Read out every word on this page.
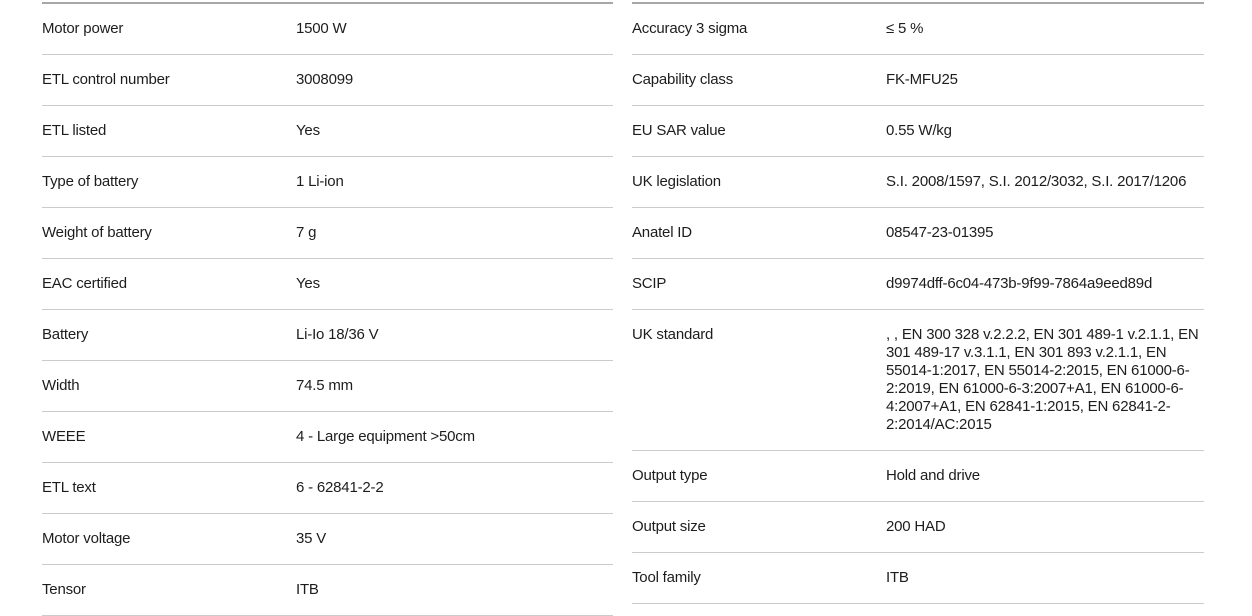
Motor power	1500 W
ETL control number	3008099
ETL listed	Yes
Type of battery	1 Li-ion
Weight of battery	7 g
EAC certified	Yes
Battery	Li-Io 18/36 V
Width	74.5 mm
WEEE	4 - Large equipment >50cm
ETL text	6 - 62841-2-2
Motor voltage	35 V
Tensor	ITB
Accuracy 3 sigma	≤ 5 %
Capability class	FK-MFU25
EU SAR value	0.55 W/kg
UK legislation	S.I. 2008/1597, S.I. 2012/3032, S.I. 2017/1206
Anatel ID	08547-23-01395
SCIP	d9974dff-6c04-473b-9f99-7864a9eed89d
UK standard	, , EN 300 328 v.2.2.2, EN 301 489-1 v.2.1.1, EN 301 489-17 v.3.1.1, EN 301 893 v.2.1.1, EN 55014-1:2017, EN 55014-2:2015, EN 61000-6-2:2019, EN 61000-6-3:2007+A1, EN 61000-6-4:2007+A1, EN 62841-1:2015, EN 62841-2-2:2014/AC:2015
Output type	Hold and drive
Output size	200 HAD
Tool family	ITB
